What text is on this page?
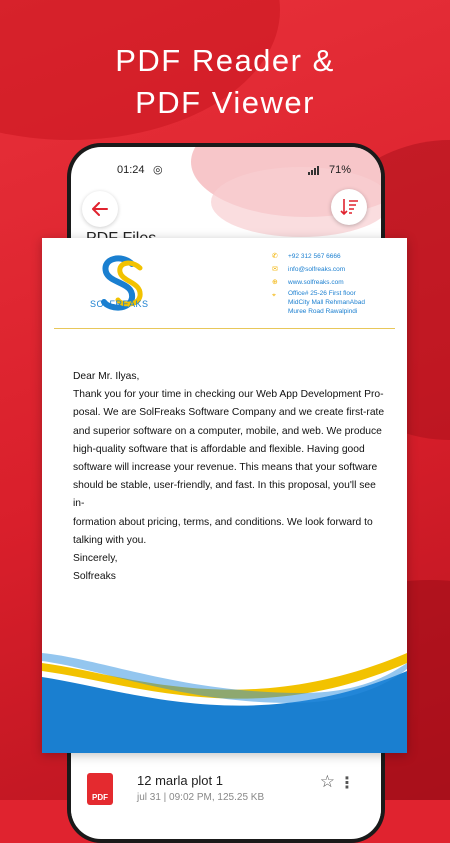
PDF Reader &
PDF Viewer
01:24 ◎	71%
PDF
12 marla plot 1
jul 31 | 09:02 PM, 125.25 KB
☆ ⋮
SOLFREAKS
✆	+92 312 567 6666
✉	info@solfreaks.com
⊕	www.solfreaks.com
⌖	Office# 25-26 First floor
MidCity Mall RehmanAbad
Muree Road Rawalpindi

Dear Mr. Ilyas,

Thank you for your time in checking our Web App Development Pro-

posal. We are SolFreaks Software Company and we create first-rate

and superior software on a computer, mobile, and web. We produce

high-quality software that is affordable and flexible. Having good

software will increase your revenue. This means that your software

should be stable, user-friendly, and fast. In this proposal, you'll see in-

formation about pricing, terms, and conditions. We look forward to

talking with you.

Sincerely,

Solfreaks
